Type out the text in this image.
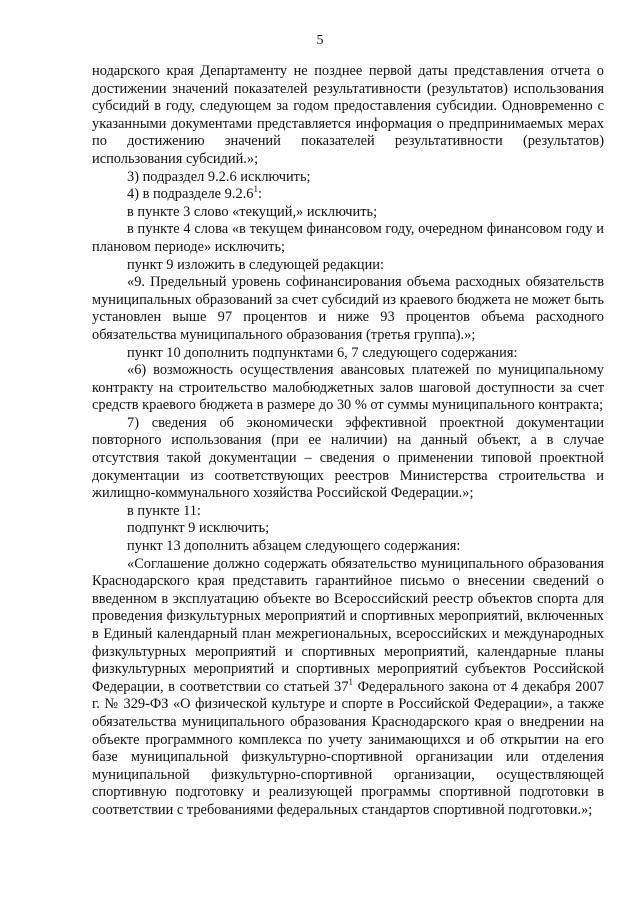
5

нодарского края Департаменту не позднее первой даты представления отчета о достижении значений показателей результативности (результатов) использования субсидий в году, следующем за годом предоставления субсидии. Одновременно с указанными документами представляется информация о предпринимаемых мерах по достижению значений показателей результативности (результатов) использования субсидий.»;

3) подраздел 9.2.6 исключить;

4) в подразделе 9.2.6$^1$:

в пункте 3 слово «текущий,» исключить;

в пункте 4 слова «в текущем финансовом году, очередном финансовом году и плановом периоде» исключить;

пункт 9 изложить в следующей редакции:

«9. Предельный уровень софинансирования объема расходных обязательств муниципальных образований за счет субсидий из краевого бюджета не может быть установлен выше 97 процентов и ниже 93 процентов объема расходного обязательства муниципального образования (третья группа).»;

пункт 10 дополнить подпунктами 6, 7 следующего содержания:

«6) возможность осуществления авансовых платежей по муниципальному контракту на строительство малобюджетных залов шаговой доступности за счет средств краевого бюджета в размере до 30 % от суммы муниципального контракта;

7) сведения об экономически эффективной проектной документации повторного использования (при ее наличии) на данный объект, а в случае отсутствия такой документации – сведения о применении типовой проектной документации из соответствующих реестров Министерства строительства и жилищно-коммунального хозяйства Российской Федерации.»;

в пункте 11:

подпункт 9 исключить;

пункт 13 дополнить абзацем следующего содержания:

«Соглашение должно содержать обязательство муниципального образования Краснодарского края представить гарантийное письмо о внесении сведений о введенном в эксплуатацию объекте во Всероссийский реестр объектов спорта для проведения физкультурных мероприятий и спортивных мероприятий, включенных в Единый календарный план межрегиональных, всероссийских и международных физкультурных мероприятий и спортивных мероприятий, календарные планы физкультурных мероприятий и спортивных мероприятий субъектов Российской Федерации, в соответствии со статьей $37^1$ Федерального закона от 4 декабря 2007 г. № 329-ФЗ «О физической культуре и спорте в Российской Федерации», а также обязательства муниципального образования Краснодарского края о внедрении на объекте программного комплекса по учету занимающихся и об открытии на его базе муниципальной физкультурно-спортивной организации или отделения муниципальной физкультурно-спортивной организации, осуществляющей спортивную подготовку и реализующей программы спортивной подготовки в соответствии с требованиями федеральных стандартов спортивной подготовки.»;
